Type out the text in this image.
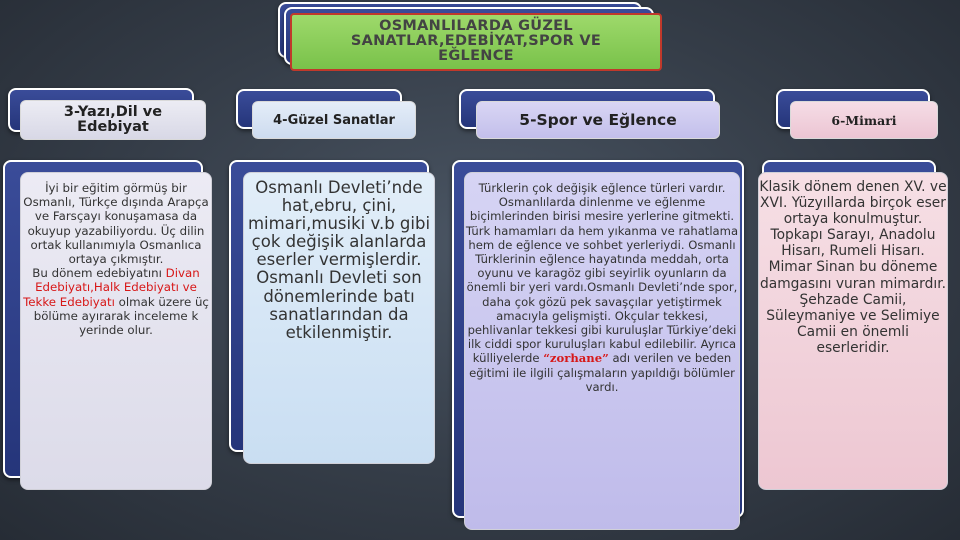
OSMANLILARDA GÜZEL
SANATLAR,EDEBİYAT,SPOR VE
EĞLENCE
3-Yazı,Dil ve
Edebiyat	4-Güzel Sanatlar	5-Spor ve Eğlence	6-Mimari
İyi bir eğitim görmüş bir Osmanlı, Türkçe dışında Arapça ve Farsçayı konuşamasa da okuyup yazabiliyordu. Üç dilin ortak kullanımıyla Osmanlıca ortaya çıkmıştır.
Bu dönem edebiyatını Divan Edebiyatı,Halk Edebiyatı ve Tekke Edebiyatı olmak üzere üç bölüme ayırarak inceleme k yerinde olur.
Osmanlı Devleti’nde hat,ebru, çini, mimari,musiki v.b gibi çok değişik alanlarda eserler vermişlerdir. Osmanlı Devleti son dönemlerinde batı sanatlarından da etkilenmiştir.
Türklerin çok değişik eğlence türleri vardır. Osmanlılarda dinlenme ve eğlenme biçimlerinden birisi mesire yerlerine gitmekti.
Türk hamamları da hem yıkanma ve rahatlama hem de eğlence ve sohbet yerleriydi. Osmanlı Türklerinin eğlence hayatında meddah, orta oyunu ve karagöz gibi seyirlik oyunların da önemli bir yeri vardı.Osmanlı Devleti’nde spor, daha çok gözü pek savaşçılar yetiştirmek amacıyla gelişmişti. Okçular tekkesi, pehlivanlar tekkesi gibi kuruluşlar Türkiye’deki ilk ciddi spor kuruluşları kabul edilebilir. Ayrıca külliyelerde “zorhane” adı verilen ve beden eğitimi ile ilgili çalışmaların yapıldığı bölümler vardı.
Klasik dönem denen XV. ve XVI. Yüzyıllarda birçok eser ortaya konulmuştur. Topkapı Sarayı, Anadolu Hisarı, Rumeli Hisarı. Mimar Sinan bu döneme damgasını vuran mimardır. Şehzade Camii, Süleymaniye ve Selimiye Camii en önemli eserleridir.
